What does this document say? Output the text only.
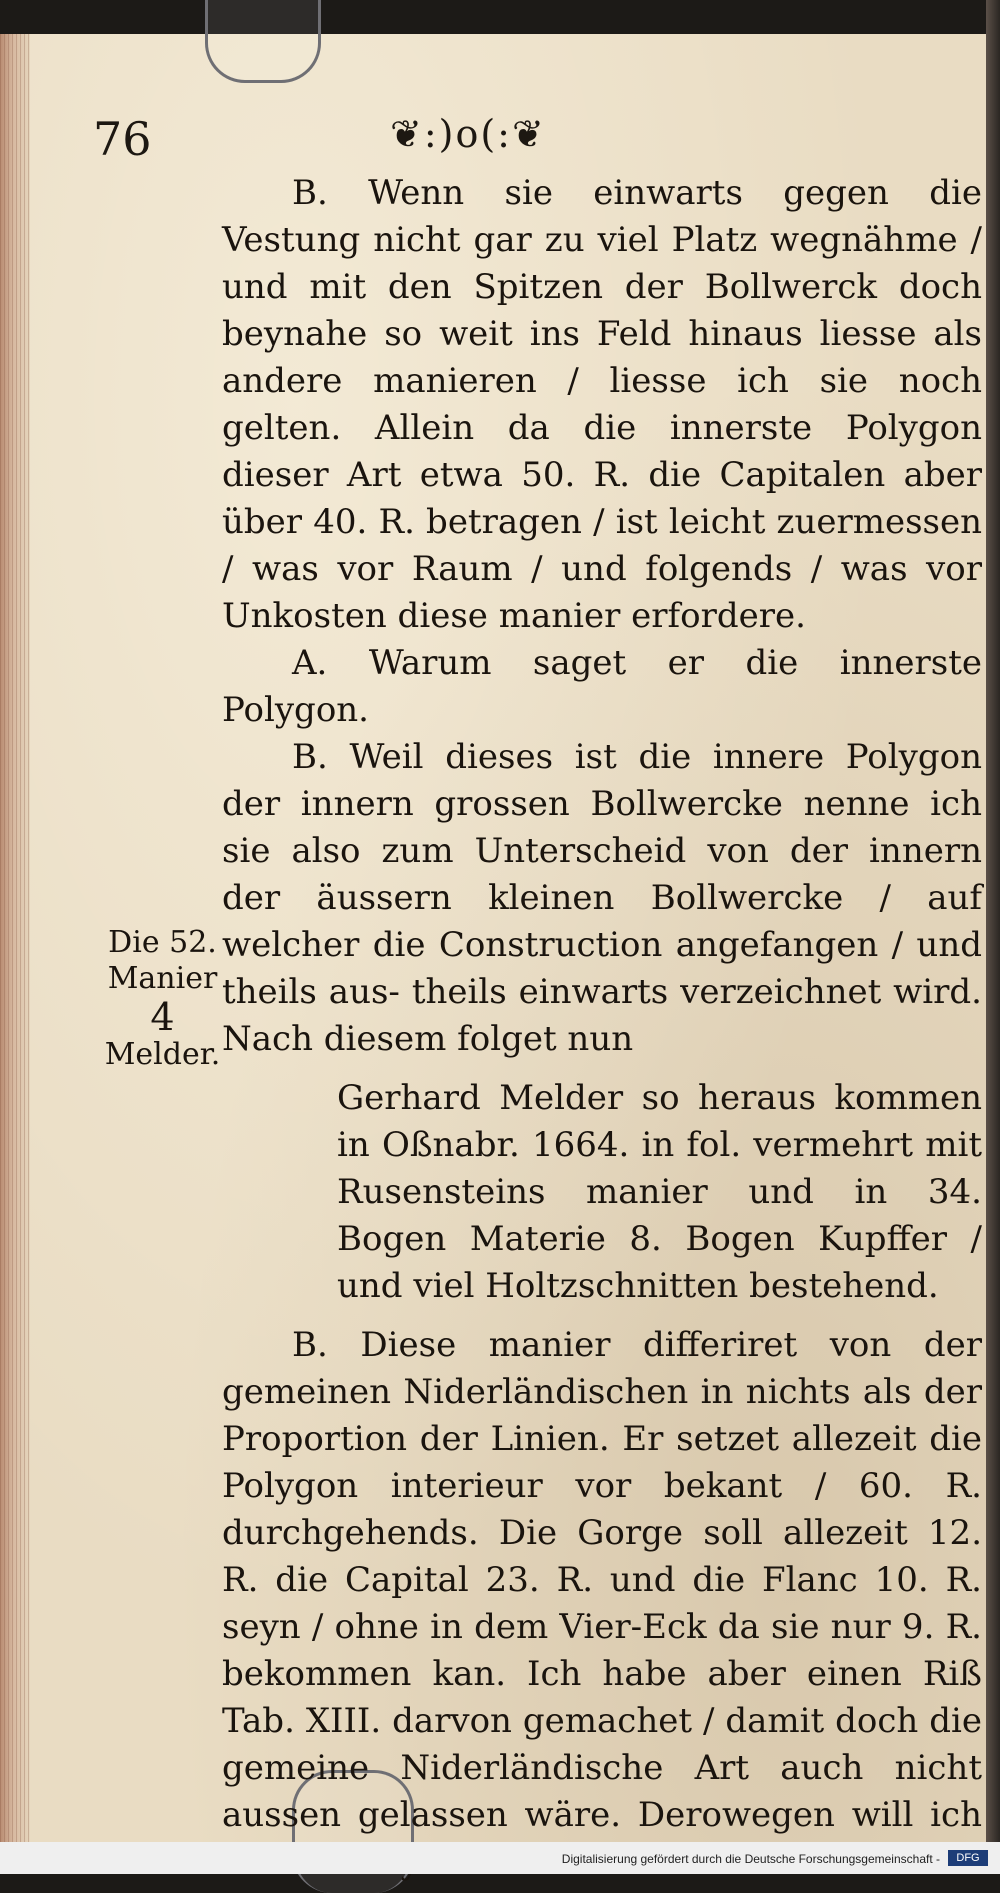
76	❦:)o(:❦

B. Wenn sie einwarts gegen die Vestung nicht gar zu viel Platz wegnähme / und mit den Spitzen der Bollwerck doch beynahe so weit ins Feld hinaus liesse als andere manieren / liesse ich sie noch gelten. Allein da die innerste Polygon dieser Art etwa 50. R. die Capitalen aber über 40. R. betragen / ist leicht zuermessen / was vor Raum / und folgends / was vor Unkosten diese manier erfordere.

A. Warum saget er die innerste Polygon.

B. Weil dieses ist die innere Polygon der innern grossen Bollwercke nenne ich sie also zum Unterscheid von der innern der äussern kleinen Bollwercke / auf welcher die Construction angefangen / und theils aus- theils einwarts verzeichnet wird. Nach diesem folget nun

Gerhard Melder so heraus kommen in Oßnabr. 1664. in fol. vermehrt mit Rusensteins manier und in 34. Bogen Materie 8. Bogen Kupffer / und viel Holtzschnitten bestehend.

B. Diese manier differiret von der gemeinen Niderländischen in nichts als der Proportion der Linien. Er setzet allezeit die Polygon interieur vor bekant / 60. R. durchgehends. Die Gorge soll allezeit 12. R. die Capital 23. R. und die Flanc 10. R. seyn / ohne in dem Vier-Eck da sie nur 9. R. bekommen kan. Ich habe aber einen Riß Tab. XIII. darvon gemachet / damit doch die gemeine Niderländische Art auch nicht aussen gelassen wäre. Derowegen will ich

Die 52.
Manier
4
Melder.
Digitalisierung gefördert durch die Deutsche Forschungsgemeinschaft -	DFG
